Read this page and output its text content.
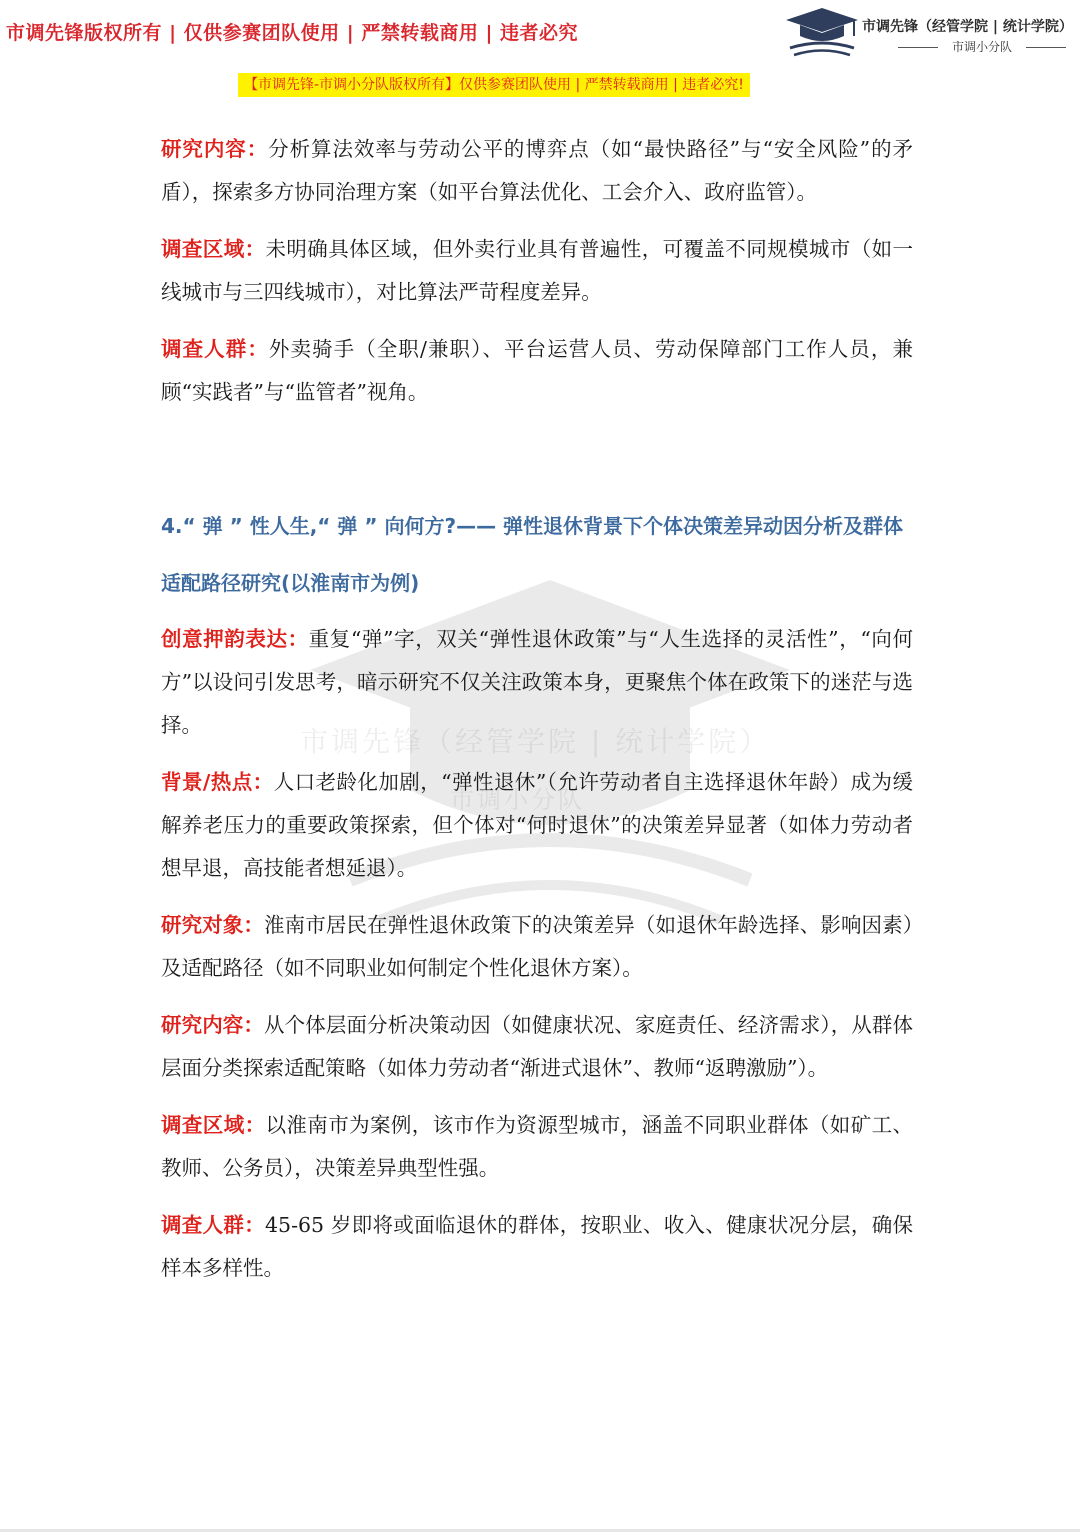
市调先锋版权所有 | 仅供参赛团队使用 | 严禁转载商用 | 违者必究	市调先锋（经管学院 | 统计学院）
市调小分队
【市调先锋-市调小分队版权所有】仅供参赛团队使用 | 严禁转载商用 | 违者必究!
市调先锋（经管学院 | 统计学院）
市调小分队

研究内容：分析算法效率与劳动公平的博弈点（如“最快路径”与“安全风险”的矛盾），探索多方协同治理方案（如平台算法优化、工会介入、政府监管）。

调查区域：未明确具体区域，但外卖行业具有普遍性，可覆盖不同规模城市（如一线城市与三四线城市），对比算法严苛程度差异。

调查人群：外卖骑手（全职/兼职）、平台运营人员、劳动保障部门工作人员，兼顾“实践者”与“监管者”视角。

4.“ 弹 ” 性人生,“ 弹 ” 向何方?—— 弹性退休背景下个体决策差异动因分析及群体适配路径研究(以淮南市为例)

创意押韵表达：重复“弹”字，双关“弹性退休政策”与“人生选择的灵活性”，“向何方”以设问引发思考，暗示研究不仅关注政策本身，更聚焦个体在政策下的迷茫与选择。

背景/热点：人口老龄化加剧，“弹性退休”（允许劳动者自主选择退休年龄）成为缓解养老压力的重要政策探索，但个体对“何时退休”的决策差异显著（如体力劳动者想早退，高技能者想延退）。

研究对象：淮南市居民在弹性退休政策下的决策差异（如退休年龄选择、影响因素）及适配路径（如不同职业如何制定个性化退休方案）。

研究内容：从个体层面分析决策动因（如健康状况、家庭责任、经济需求），从群体层面分类探索适配策略（如体力劳动者“渐进式退休”、教师“返聘激励”）。

调查区域：以淮南市为案例，该市作为资源型城市，涵盖不同职业群体（如矿工、教师、公务员），决策差异典型性强。

调查人群：45-65 岁即将或面临退休的群体，按职业、收入、健康状况分层，确保样本多样性。
